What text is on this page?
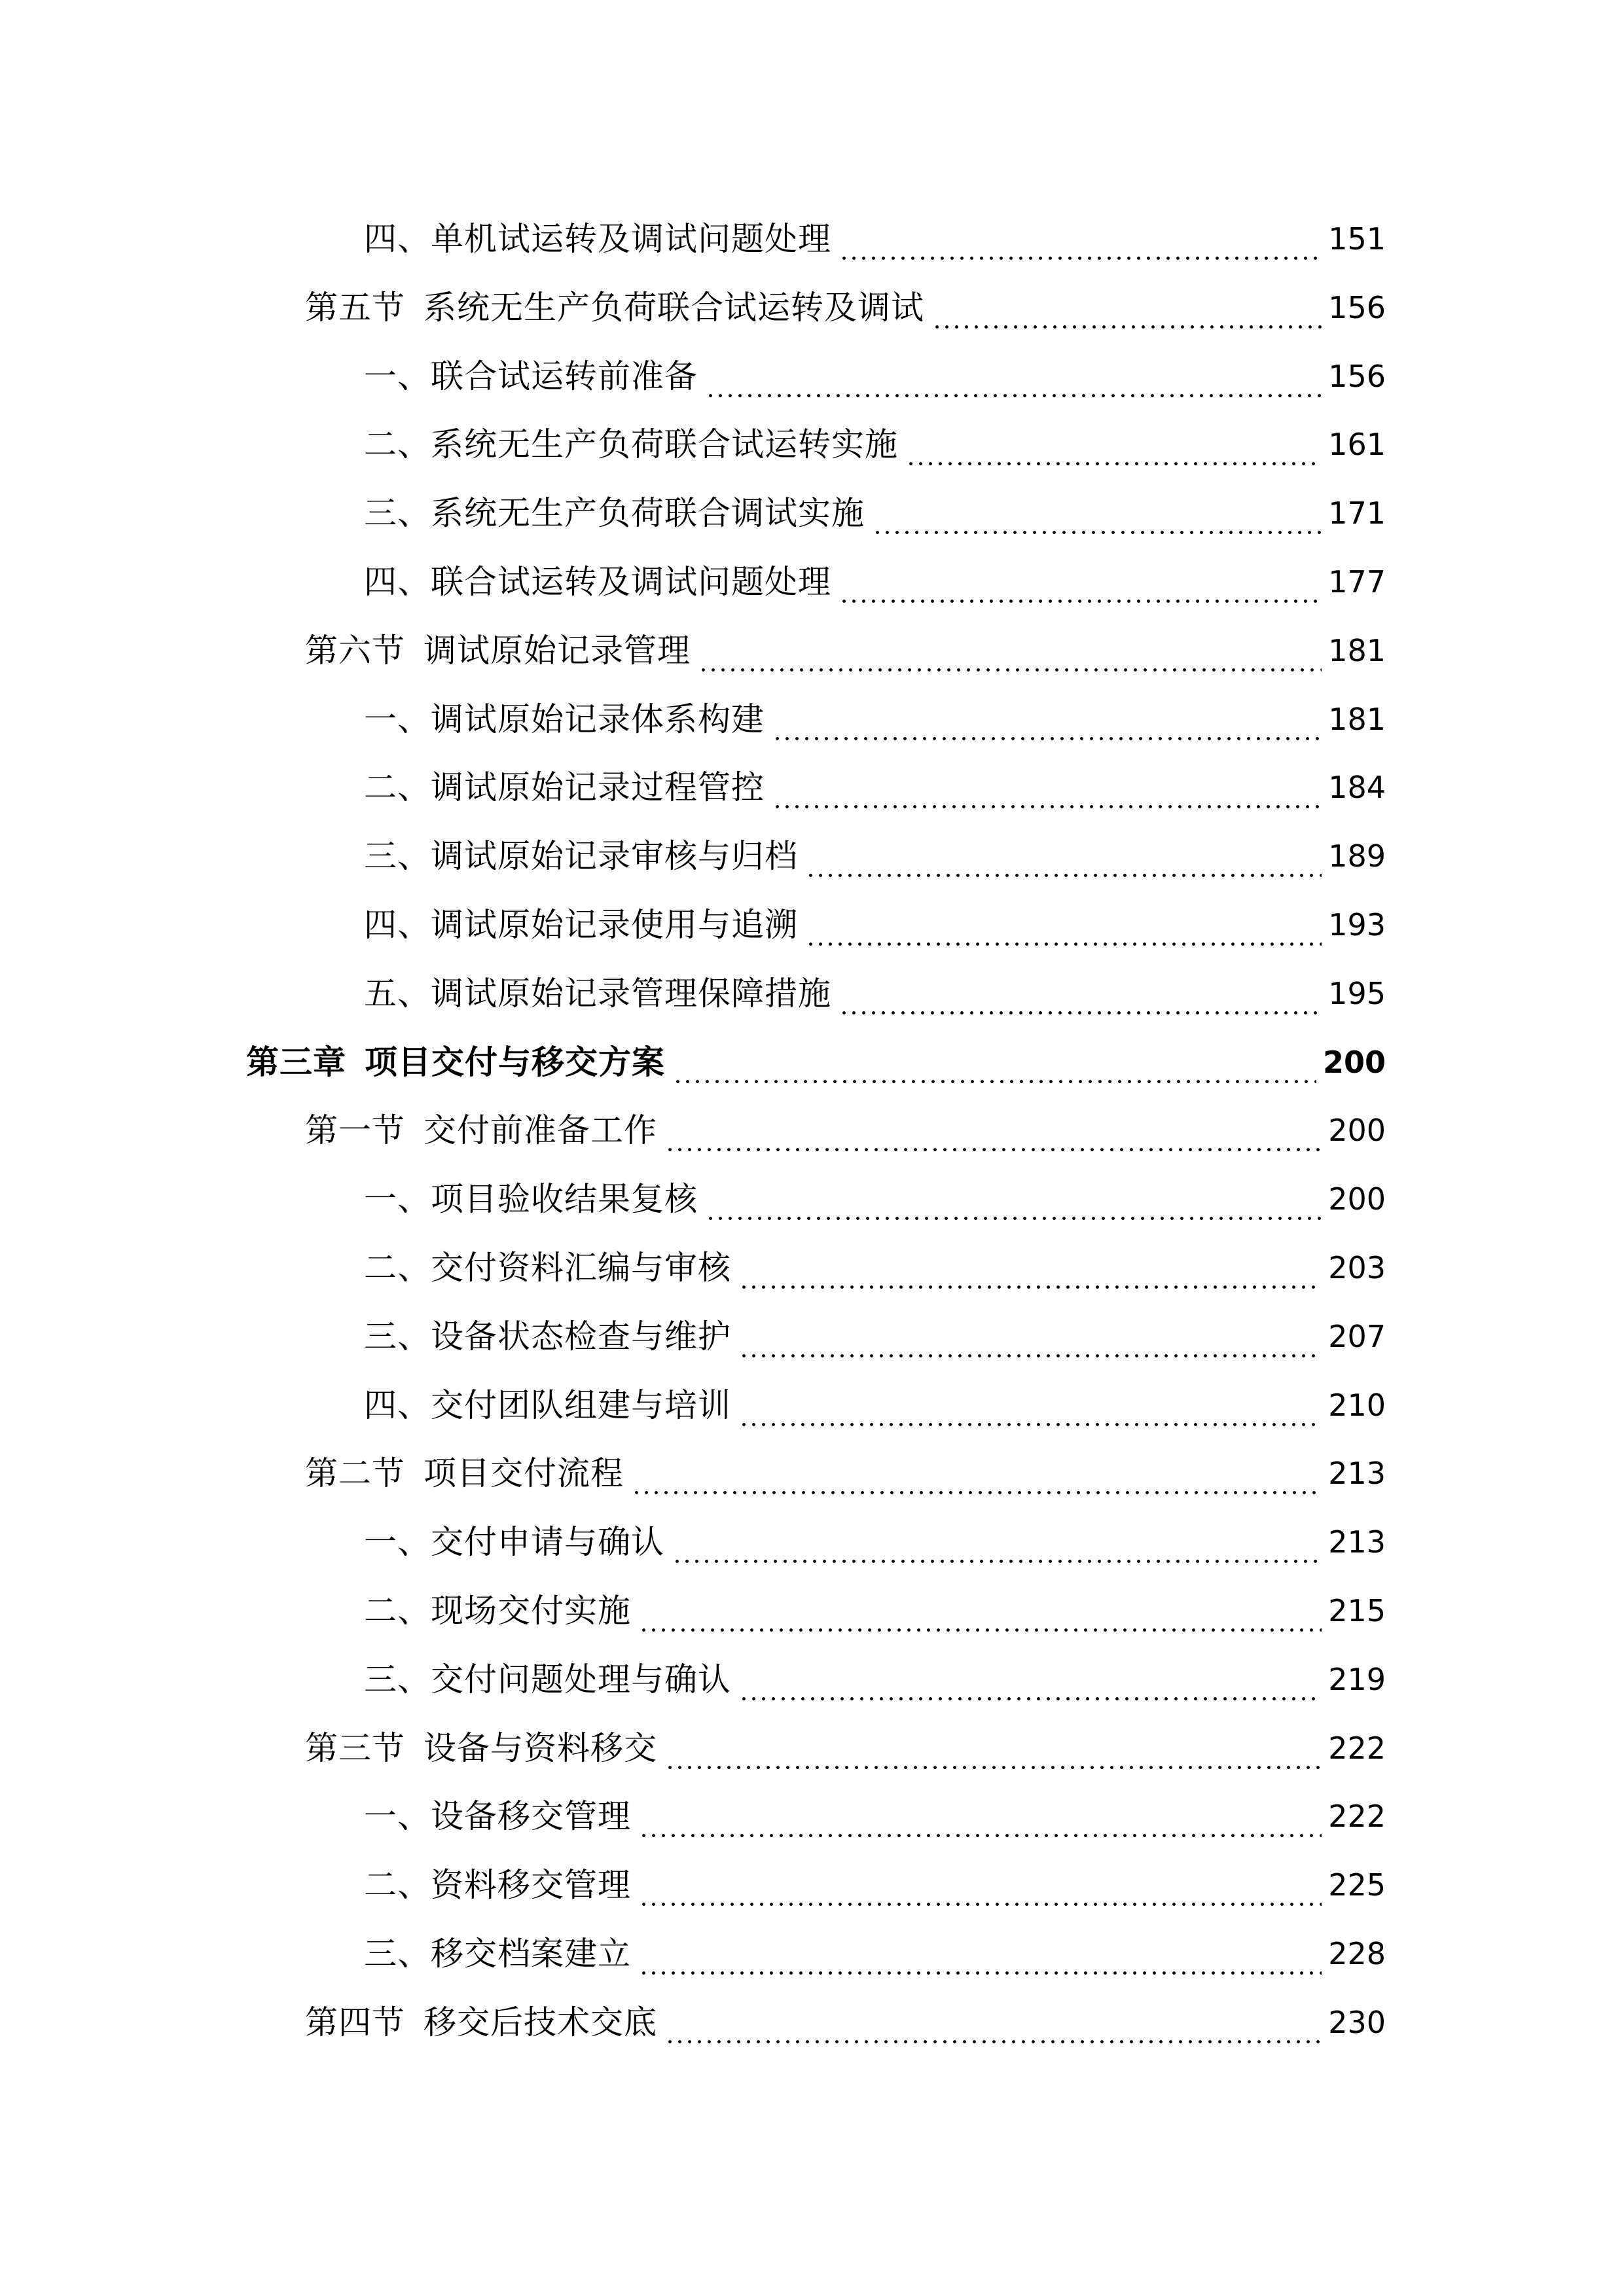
四、单机试运转及调试问题处理	151
第五节 系统无生产负荷联合试运转及调试	156
一、联合试运转前准备	156
二、系统无生产负荷联合试运转实施	161
三、系统无生产负荷联合调试实施	171
四、联合试运转及调试问题处理	177
第六节 调试原始记录管理	181
一、调试原始记录体系构建	181
二、调试原始记录过程管控	184
三、调试原始记录审核与归档	189
四、调试原始记录使用与追溯	193
五、调试原始记录管理保障措施	195
第三章 项目交付与移交方案	200
第一节 交付前准备工作	200
一、项目验收结果复核	200
二、交付资料汇编与审核	203
三、设备状态检查与维护	207
四、交付团队组建与培训	210
第二节 项目交付流程	213
一、交付申请与确认	213
二、现场交付实施	215
三、交付问题处理与确认	219
第三节 设备与资料移交	222
一、设备移交管理	222
二、资料移交管理	225
三、移交档案建立	228
第四节 移交后技术交底	230
